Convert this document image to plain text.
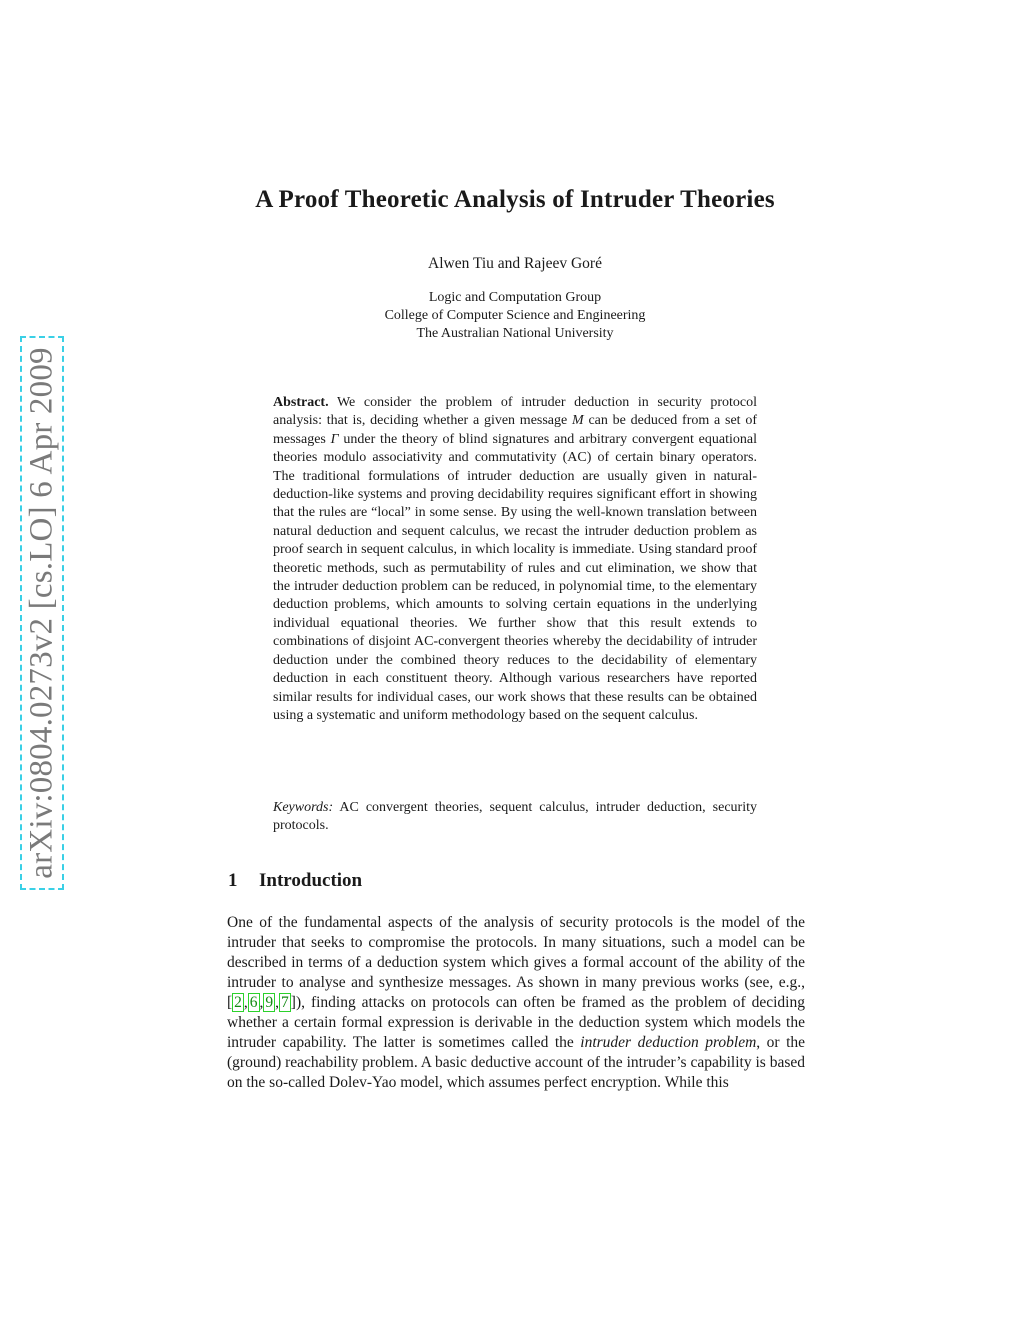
arXiv:0804.0273v2 [cs.LO] 6 Apr 2009
A Proof Theoretic Analysis of Intruder Theories
Alwen Tiu and Rajeev Goré
Logic and Computation Group
College of Computer Science and Engineering
The Australian National University
Abstract. We consider the problem of intruder deduction in security protocol analysis: that is, deciding whether a given message M can be deduced from a set of messages Γ under the theory of blind signatures and arbitrary convergent equational theories modulo associativity and commutativity (AC) of certain binary operators. The traditional formulations of intruder deduction are usually given in natural-deduction-like systems and proving decidability requires significant effort in showing that the rules are “local” in some sense. By using the well-known translation between natural deduction and sequent calculus, we recast the intruder deduction problem as proof search in sequent calculus, in which locality is immediate. Using standard proof theoretic methods, such as permutability of rules and cut elimination, we show that the intruder deduction problem can be reduced, in polynomial time, to the elementary deduction problems, which amounts to solving certain equations in the underlying individual equational theories. We further show that this result extends to combinations of disjoint AC-convergent theories whereby the decidability of intruder deduction under the combined theory reduces to the decidability of elementary deduction in each constituent theory. Although various researchers have reported similar results for individual cases, our work shows that these results can be obtained using a systematic and uniform methodology based on the sequent calculus.
Keywords: AC convergent theories, sequent calculus, intruder deduction, security protocols.
1 Introduction
One of the fundamental aspects of the analysis of security protocols is the model of the intruder that seeks to compromise the protocols. In many situations, such a model can be described in terms of a deduction system which gives a formal account of the ability of the intruder to analyse and synthesize messages. As shown in many previous works (see, e.g., [ 2 , 6 , 9 , 7 ]), finding attacks on protocols can often be framed as the problem of deciding whether a certain formal expression is derivable in the deduction system which models the intruder capability. The latter is sometimes called the intruder deduction problem, or the (ground) reachability problem. A basic deductive account of the intruder’s capability is based on the so-called Dolev-Yao model, which assumes perfect encryption. While this
